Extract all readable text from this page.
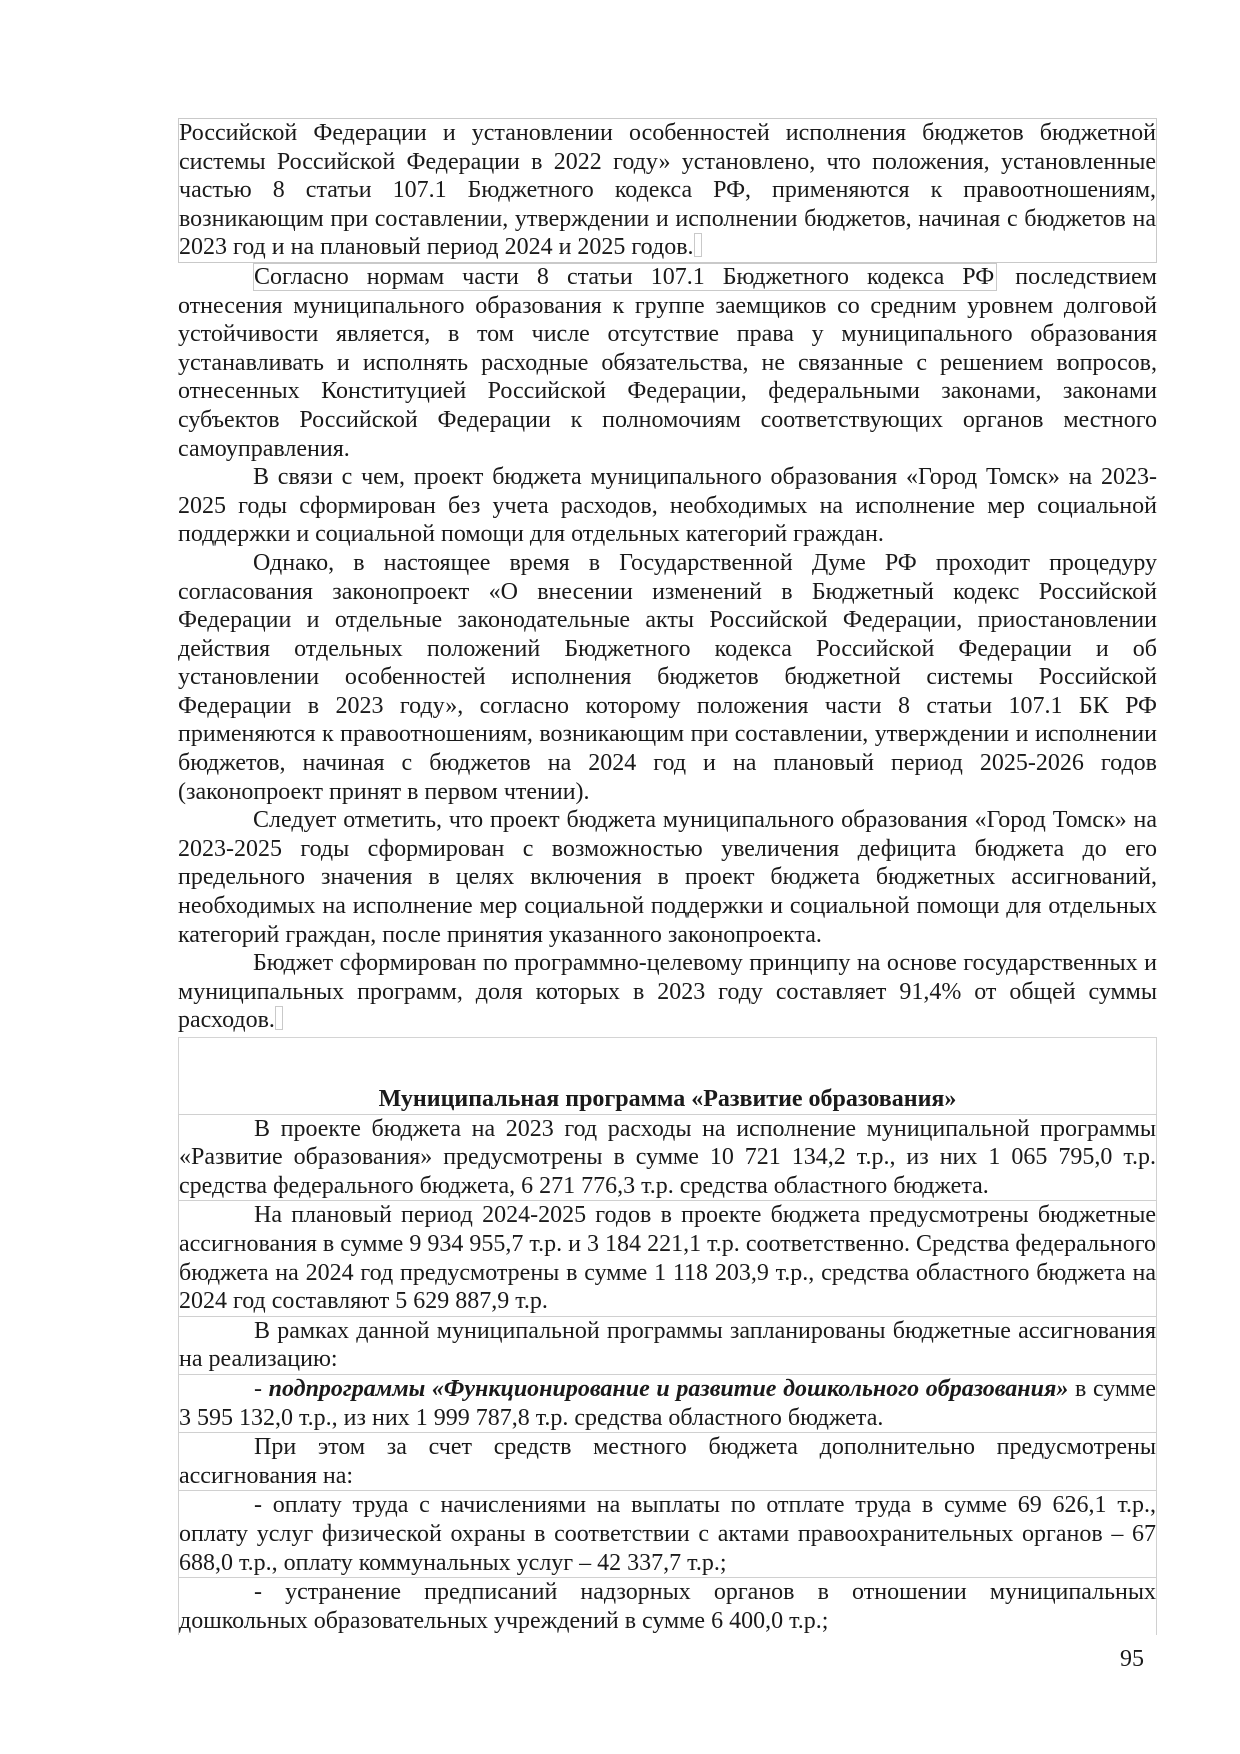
Российской Федерации и установлении особенностей исполнения бюджетов бюджетной системы Российской Федерации в 2022 году» установлено, что положения, установленные частью 8 статьи 107.1 Бюджетного кодекса РФ, применяются к правоотношениям, возникающим при составлении, утверждении и исполнении бюджетов, начиная с бюджетов на 2023 год и на плановый период 2024 и 2025 годов.

Согласно нормам части 8 статьи 107.1 Бюджетного кодекса РФ последствием отнесения муниципального образования к группе заемщиков со средним уровнем долговой устойчивости является, в том числе отсутствие права у муниципального образования устанавливать и исполнять расходные обязательства, не связанные с решением вопросов, отнесенных Конституцией Российской Федерации, федеральными законами, законами субъектов Российской Федерации к полномочиям соответствующих органов местного самоуправления.

В связи с чем, проект бюджета муниципального образования «Город Томск» на 2023-2025 годы сформирован без учета расходов, необходимых на исполнение мер социальной поддержки и социальной помощи для отдельных категорий граждан.

Однако, в настоящее время в Государственной Думе РФ проходит процедуру согласования законопроект «О внесении изменений в Бюджетный кодекс Российской Федерации и отдельные законодательные акты Российской Федерации, приостановлении действия отдельных положений Бюджетного кодекса Российской Федерации и об установлении особенностей исполнения бюджетов бюджетной системы Российской Федерации в 2023 году», согласно которому положения части 8 статьи 107.1 БК РФ применяются к правоотношениям, возникающим при составлении, утверждении и исполнении бюджетов, начиная с бюджетов на 2024 год и на плановый период 2025-2026 годов (законопроект принят в первом чтении).

Следует отметить, что проект бюджета муниципального образования «Город Томск» на 2023-2025 годы сформирован с возможностью увеличения дефицита бюджета до его предельного значения в целях включения в проект бюджета бюджетных ассигнований, необходимых на исполнение мер социальной поддержки и социальной помощи для отдельных категорий граждан, после принятия указанного законопроекта.

Бюджет сформирован по программно-целевому принципу на основе государственных и муниципальных программ, доля которых в 2023 году составляет 91,4% от общей суммы расходов.

Муниципальная программа «Развитие образования»

В проекте бюджета на 2023 год расходы на исполнение муниципальной программы «Развитие образования» предусмотрены в сумме 10 721 134,2 т.р., из них 1 065 795,0 т.р. средства федерального бюджета, 6 271 776,3 т.р. средства областного бюджета.

На плановый период 2024-2025 годов в проекте бюджета предусмотрены бюджетные ассигнования в сумме 9 934 955,7 т.р. и 3 184 221,1 т.р. соответственно. Средства федерального бюджета на 2024 год предусмотрены в сумме 1 118 203,9 т.р., средства областного бюджета на 2024 год составляют 5 629 887,9 т.р.

В рамках данной муниципальной программы запланированы бюджетные ассигнования на реализацию:

- подпрограммы «Функционирование и развитие дошкольного образования» в сумме 3 595 132,0 т.р., из них 1 999 787,8 т.р. средства областного бюджета.

При этом за счет средств местного бюджета дополнительно предусмотрены ассигнования на:

- оплату труда с начислениями на выплаты по отплате труда в сумме 69 626,1 т.р., оплату услуг физической охраны в соответствии с актами правоохранительных органов – 67 688,0 т.р., оплату коммунальных услуг – 42 337,7 т.р.;

- устранение предписаний надзорных органов в отношении муниципальных дошкольных образовательных учреждений в сумме 6 400,0 т.р.;

95
